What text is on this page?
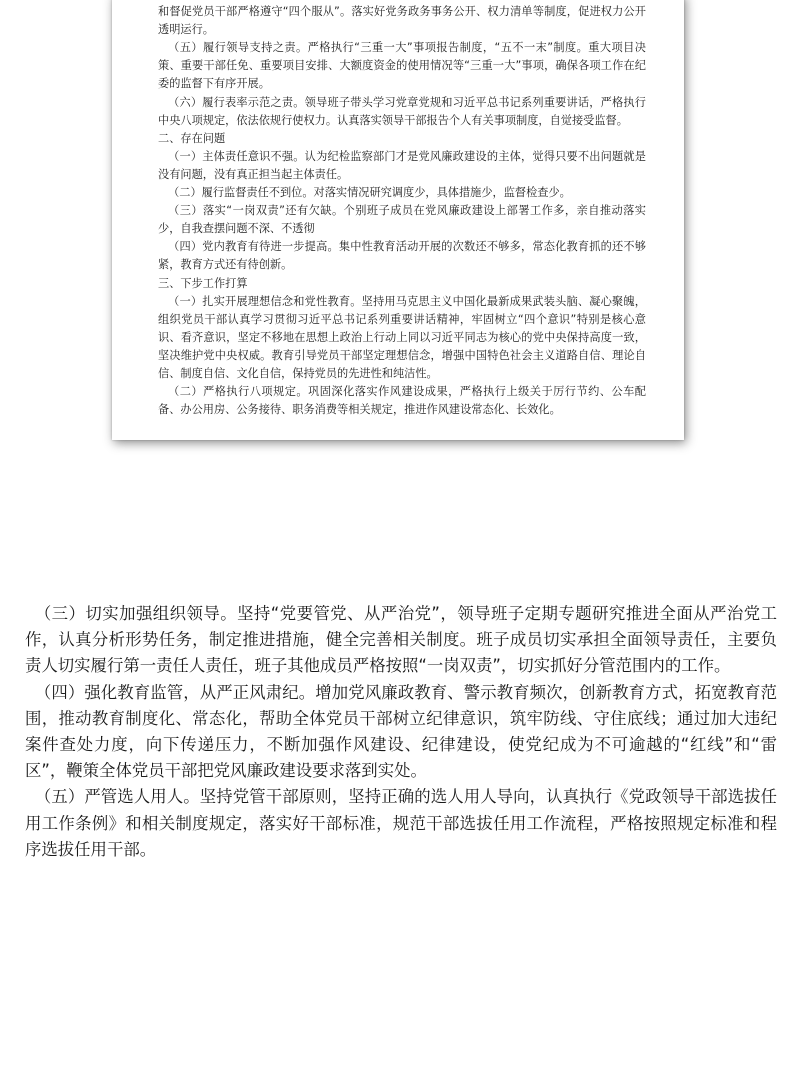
和督促党员干部严格遵守“四个服从”。落实好党务政务事务公开、权力清单等制度，促进权力公开透明运行。

（五）履行领导支持之责。严格执行“三重一大”事项报告制度，“五不一末”制度。重大项目决策、重要干部任免、重要项目安排、大额度资金的使用情况等“三重一大”事项，确保各项工作在纪委的监督下有序开展。

（六）履行表率示范之责。领导班子带头学习党章党规和习近平总书记系列重要讲话，严格执行中央八项规定，依法依规行使权力。认真落实领导干部报告个人有关事项制度，自觉接受监督。

二、存在问题

（一）主体责任意识不强。认为纪检监察部门才是党风廉政建设的主体，觉得只要不出问题就是没有问题，没有真正担当起主体责任。

（二）履行监督责任不到位。对落实情况研究调度少，具体措施少，监督检查少。

（三）落实“一岗双责”还有欠缺。个别班子成员在党风廉政建设上部署工作多，亲自推动落实少，自我查摆问题不深、不透彻

（四）党内教育有待进一步提高。集中性教育活动开展的次数还不够多，常态化教育抓的还不够紧，教育方式还有待创新。

三、下步工作打算

（一）扎实开展理想信念和党性教育。坚持用马克思主义中国化最新成果武装头脑、凝心聚魄，组织党员干部认真学习贯彻习近平总书记系列重要讲话精神，牢固树立“四个意识”特别是核心意识、看齐意识，坚定不移地在思想上政治上行动上同以习近平同志为核心的党中央保持高度一致，坚决维护党中央权威。教育引导党员干部坚定理想信念，增强中国特色社会主义道路自信、理论自信、制度自信、文化自信，保持党员的先进性和纯洁性。

（二）严格执行八项规定。巩固深化落实作风建设成果，严格执行上级关于厉行节约、公车配备、办公用房、公务接待、职务消费等相关规定，推进作风建设常态化、长效化。

（三）切实加强组织领导。坚持“党要管党、从严治党”，领导班子定期专题研究推进全面从严治党工作，认真分析形势任务，制定推进措施，健全完善相关制度。班子成员切实承担全面领导责任，主要负责人切实履行第一责任人责任，班子其他成员严格按照“一岗双责”，切实抓好分管范围内的工作。

（四）强化教育监管，从严正风肃纪。增加党风廉政教育、警示教育频次，创新教育方式，拓宽教育范围，推动教育制度化、常态化，帮助全体党员干部树立纪律意识，筑牢防线、守住底线；通过加大违纪案件查处力度，向下传递压力，不断加强作风建设、纪律建设，使党纪成为不可逾越的“红线”和“雷区”，鞭策全体党员干部把党风廉政建设要求落到实处。

（五）严管选人用人。坚持党管干部原则，坚持正确的选人用人导向，认真执行《党政领导干部选拔任用工作条例》和相关制度规定，落实好干部标准，规范干部选拔任用工作流程，严格按照规定标准和程序选拔任用干部。
